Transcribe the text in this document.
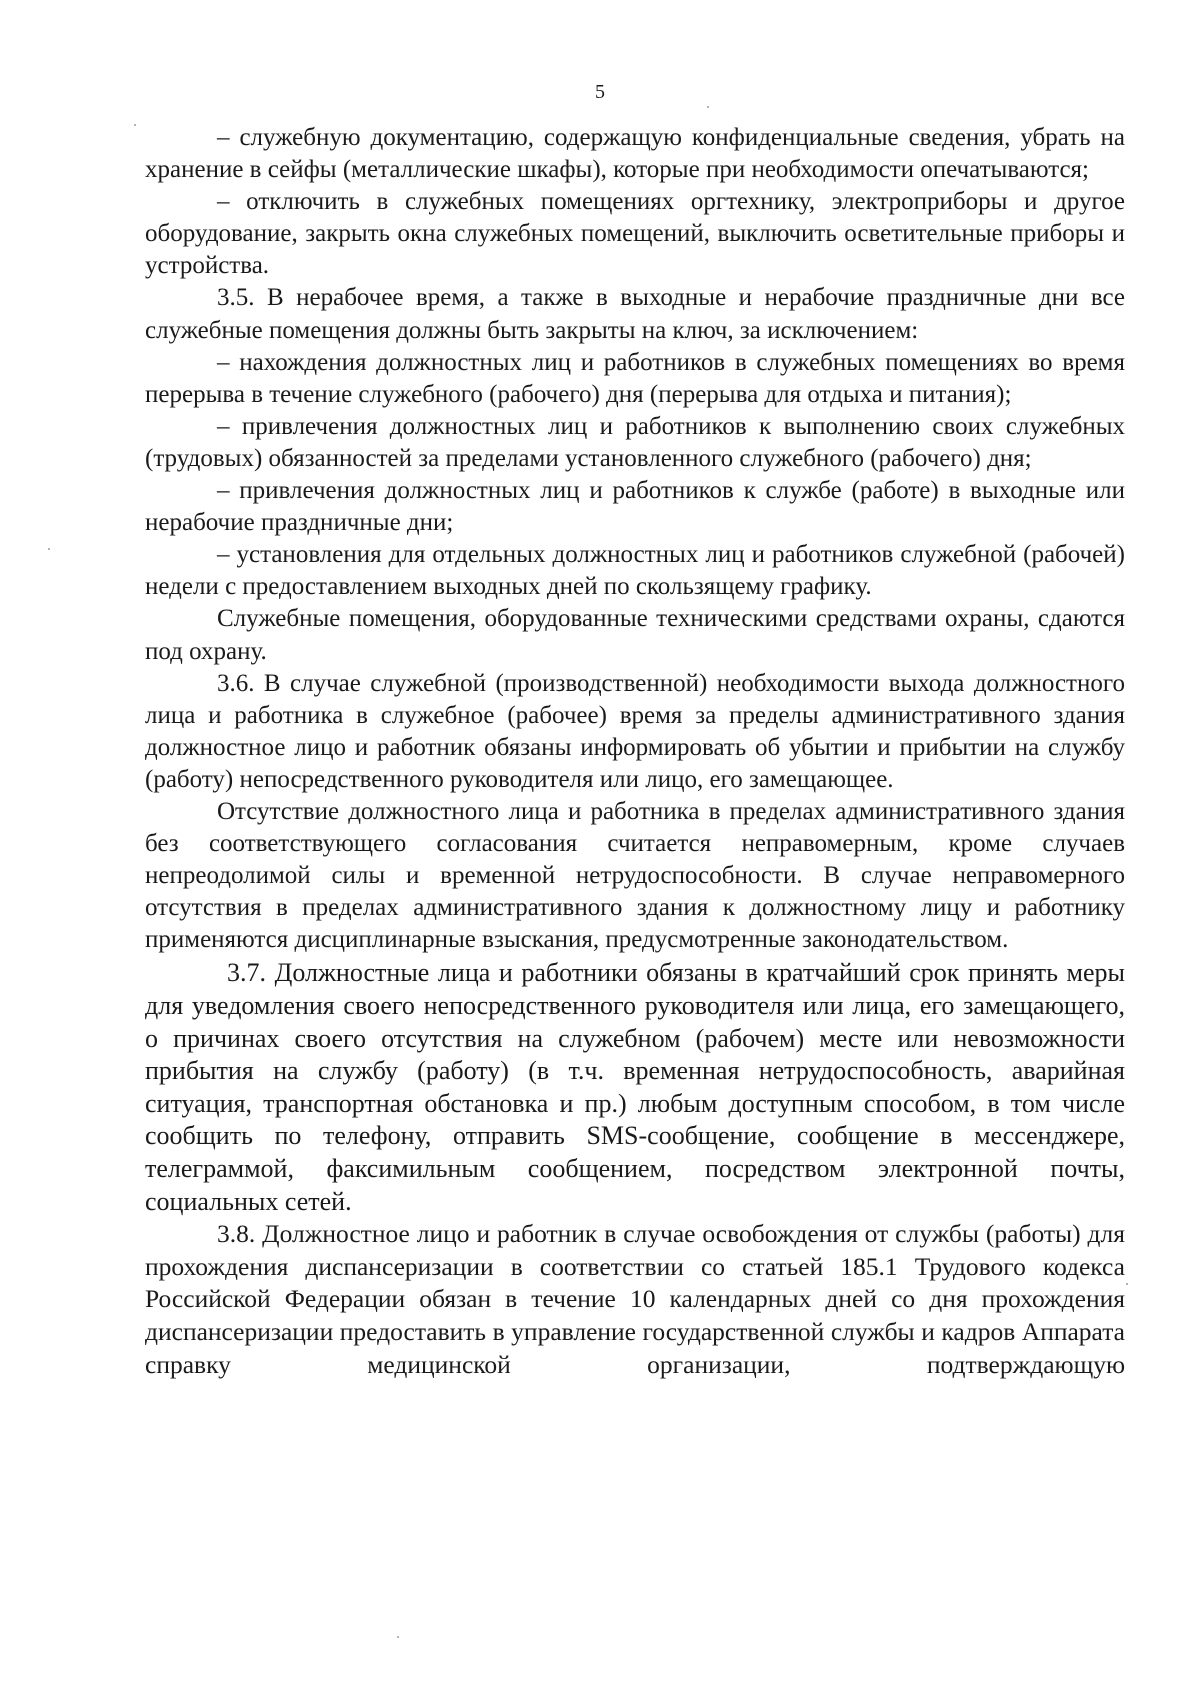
5

– служебную документацию, содержащую конфиденциальные сведения, убрать на хранение в сейфы (металлические шкафы), которые при необходимости опечатываются;

– отключить в служебных помещениях оргтехнику, электроприборы и другое оборудование, закрыть окна служебных помещений, выключить осветительные приборы и устройства.

3.5. В нерабочее время, а также в выходные и нерабочие праздничные дни все служебные помещения должны быть закрыты на ключ, за исключением:

– нахождения должностных лиц и работников в служебных помещениях во время перерыва в течение служебного (рабочего) дня (перерыва для отдыха и питания);

– привлечения должностных лиц и работников к выполнению своих служебных (трудовых) обязанностей за пределами установленного служебного (рабочего) дня;

– привлечения должностных лиц и работников к службе (работе) в выходные или нерабочие праздничные дни;

– установления для отдельных должностных лиц и работников служебной (рабочей) недели с предоставлением выходных дней по скользящему графику.

Служебные помещения, оборудованные техническими средствами охраны, сдаются под охрану.

3.6. В случае служебной (производственной) необходимости выхода должностного лица и работника в служебное (рабочее) время за пределы административного здания должностное лицо и работник обязаны информировать об убытии и прибытии на службу (работу) непосредственного руководителя или лицо, его замещающее.

Отсутствие должностного лица и работника в пределах административного здания без соответствующего согласования считается неправомерным, кроме случаев непреодолимой силы и временной нетрудоспособности. В случае неправомерного отсутствия в пределах административного здания к должностному лицу и работнику применяются дисциплинарные взыскания, предусмотренные законодательством.

3.7. Должностные лица и работники обязаны в кратчайший срок принять меры для уведомления своего непосредственного руководителя или лица, его замещающего, о причинах своего отсутствия на служебном (рабочем) месте или невозможности прибытия на службу (работу) (в т.ч. временная нетрудоспособность, аварийная ситуация, транспортная обстановка и пр.) любым доступным способом, в том числе сообщить по телефону, отправить SMS-сообщение, сообщение в мессенджере, телеграммой, факсимильным сообщением, посредством электронной почты, социальных сетей.

3.8. Должностное лицо и работник в случае освобождения от службы (работы) для прохождения диспансеризации в соответствии со статьей 185.1 Трудового кодекса Российской Федерации обязан в течение 10 календарных дней со дня прохождения диспансеризации предоставить в управление государственной службы и кадров Аппарата справку медицинской организации, подтверждающую
